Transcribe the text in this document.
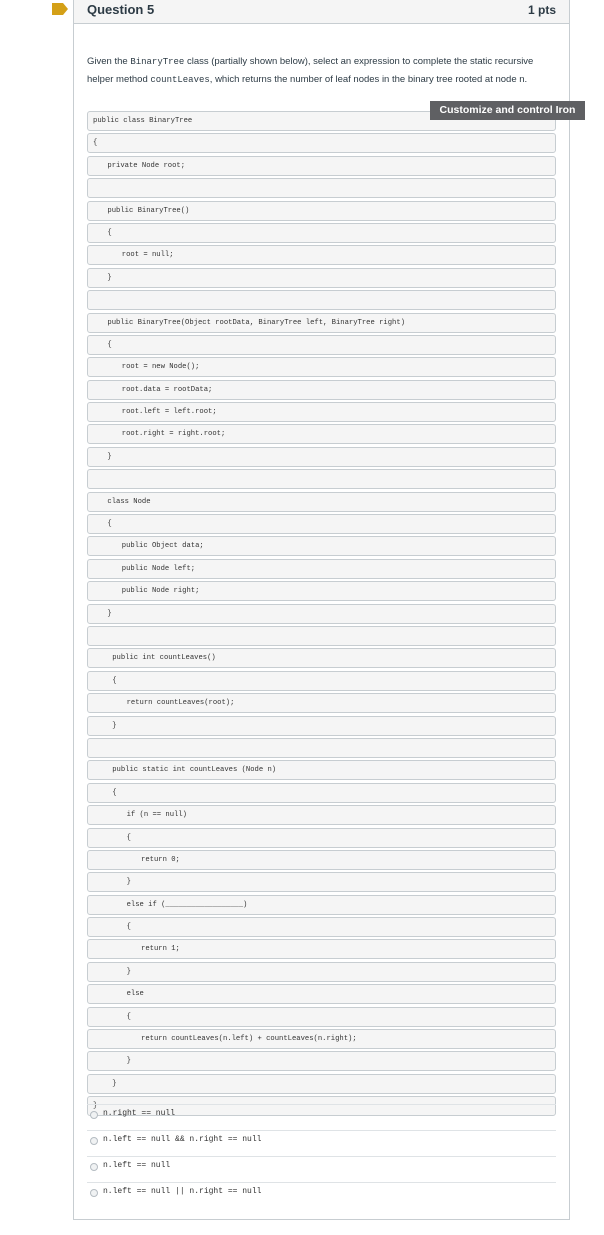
Question 5	1 pts

Given the BinaryTree class (partially shown below), select an expression to complete the static recursive helper method countLeaves, which returns the number of leaf nodes in the binary tree rooted at node n.

Customize and control Iron
public class BinaryTree
{
private Node root;
public BinaryTree()
{
root = null;
}
public BinaryTree(Object rootData, BinaryTree left, BinaryTree right)
{
root = new Node();
root.data = rootData;
root.left = left.root;
root.right = right.root;
}
class Node
{
public Object data;
public Node left;
public Node right;
}
public int countLeaves()
{
return countLeaves(root);
}
public static int countLeaves (Node n)
{
if (n == null)
{
return 0;
}
else if (__________________)
{
return 1;
}
else
{
return countLeaves(n.left) + countLeaves(n.right);
}
}
}
n.right == null
n.left == null && n.right == null
n.left == null
n.left == null || n.right == null
